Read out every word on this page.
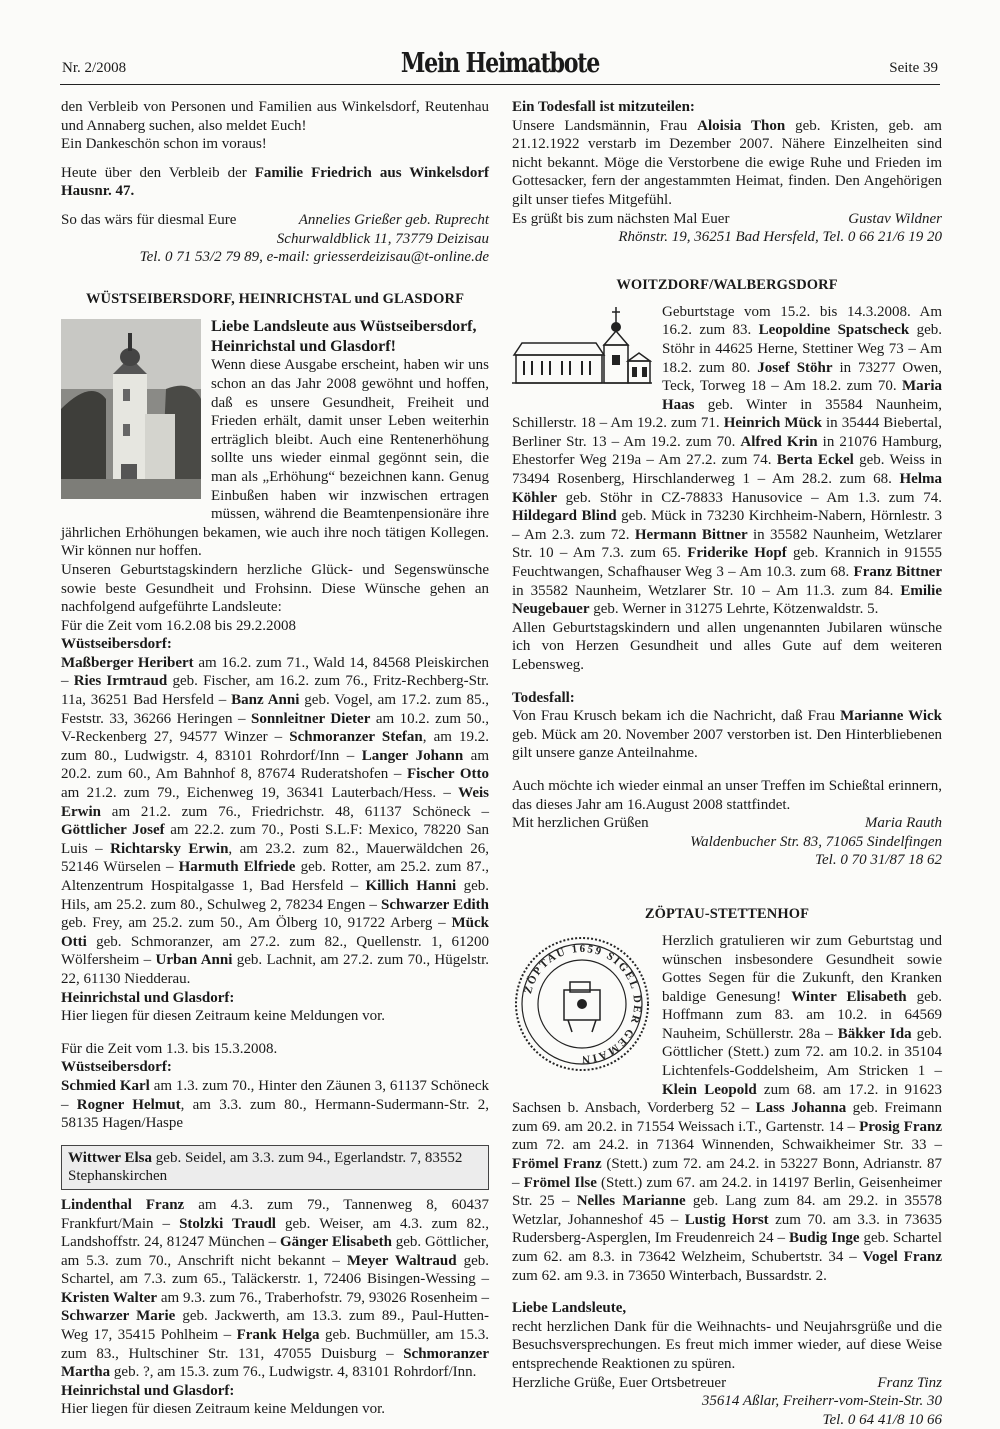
Nr. 2/2008	Mein Heimatbote	Seite 39

den Verbleib von Personen und Familien aus Winkelsdorf, Reutenhau und Annaberg suchen, also meldet Euch!

Ein Dankeschön schon im voraus!

Heute über den Verbleib der Familie Friedrich aus Winkelsdorf Hausnr. 47.

So das wärs für diesmal Eure	Annelies Grießer geb. Ruprecht

Schurwaldblick 11, 73779 Deizisau

Tel. 0 71 53/2 79 89, e-mail: griesserdeizisau@t-online.de

WÜSTSEIBERSDORF, HEINRICHSTAL und GLASDORF

Liebe Landsleute aus Wüstseibersdorf, Heinrichstal und Glasdorf!

Wenn diese Ausgabe erscheint, haben wir uns schon an das Jahr 2008 gewöhnt und hoffen, daß es unsere Gesundheit, Freiheit und Frieden erhält, damit unser Leben weiterhin erträglich bleibt. Auch eine Rentenerhöhung sollte uns wieder einmal gegönnt sein, die man als „Erhöhung“ bezeichnen kann. Genug Einbußen haben wir inzwischen ertragen müssen, während die Beamtenpensionäre ihre jährlichen Erhöhungen bekamen, wie auch ihre noch tätigen Kollegen. Wir können nur hoffen.

Unseren Geburtstagskindern herzliche Glück- und Segenswünsche sowie beste Gesundheit und Frohsinn. Diese Wünsche gehen an nachfolgend aufgeführte Landsleute:

Für die Zeit vom 16.2.08 bis 29.2.2008

Wüstseibersdorf:

Maßberger Heribert am 16.2. zum 71., Wald 14, 84568 Pleiskirchen – Ries Irmtraud geb. Fischer, am 16.2. zum 76., Fritz-Rechberg-Str. 11a, 36251 Bad Hersfeld – Banz Anni geb. Vogel, am 17.2. zum 85., Feststr. 33, 36266 Heringen – Sonnleitner Dieter am 10.2. zum 50., V-Reckenberg 27, 94577 Winzer – Schmoranzer Stefan, am 19.2. zum 80., Ludwigstr. 4, 83101 Rohrdorf/Inn – Langer Johann am 20.2. zum 60., Am Bahnhof 8, 87674 Ruderatshofen – Fischer Otto am 21.2. zum 79., Eichenweg 19, 36341 Lauterbach/Hess. – Weis Erwin am 21.2. zum 76., Friedrichstr. 48, 61137 Schöneck – Göttlicher Josef am 22.2. zum 70., Posti S.L.F: Mexico, 78220 San Luis – Richtarsky Erwin, am 23.2. zum 82., Mauerwäldchen 26, 52146 Würselen – Harmuth Elfriede geb. Rotter, am 25.2. zum 87., Altenzentrum Hospitalgasse 1, Bad Hersfeld – Killich Hanni geb. Hils, am 25.2. zum 80., Schulweg 2, 78234 Engen – Schwarzer Edith geb. Frey, am 25.2. zum 50., Am Ölberg 10, 91722 Arberg – Mück Otti geb. Schmoranzer, am 27.2. zum 82., Quellenstr. 1, 61200 Wölfersheim – Urban Anni geb. Lachnit, am 27.2. zum 70., Hügelstr. 22, 61130 Niedderau.

Heinrichstal und Glasdorf:

Hier liegen für diesen Zeitraum keine Meldungen vor.

Für die Zeit vom 1.3. bis 15.3.2008.

Wüstseibersdorf:

Schmied Karl am 1.3. zum 70., Hinter den Zäunen 3, 61137 Schöneck – Rogner Helmut, am 3.3. zum 80., Hermann-Sudermann-Str. 2, 58135 Hagen/Haspe

Wittwer Elsa geb. Seidel, am 3.3. zum 94., Egerlandstr. 7, 83552 Stephanskirchen

Lindenthal Franz am 4.3. zum 79., Tannenweg 8, 60437 Frankfurt/Main – Stolzki Traudl geb. Weiser, am 4.3. zum 82., Landshoffstr. 24, 81247 München – Gänger Elisabeth geb. Göttlicher, am 5.3. zum 70., Anschrift nicht bekannt – Meyer Waltraud geb. Schartel, am 7.3. zum 65., Taläckerstr. 1, 72406 Bisingen-Wessing – Kristen Walter am 9.3. zum 76., Traberhofstr. 79, 93026 Rosenheim – Schwarzer Marie geb. Jackwerth, am 13.3. zum 89., Paul-Hutten-Weg 17, 35415 Pohlheim – Frank Helga geb. Buchmüller, am 15.3. zum 83., Hultschiner Str. 131, 47055 Duisburg – Schmoranzer Martha geb. ?, am 15.3. zum 76., Ludwigstr. 4, 83101 Rohrdorf/Inn.

Heinrichstal und Glasdorf:

Hier liegen für diesen Zeitraum keine Meldungen vor.

Ein Todesfall ist mitzuteilen:

Unsere Landsmännin, Frau Aloisia Thon geb. Kristen, geb. am 21.12.1922 verstarb im Dezember 2007. Nähere Einzelheiten sind nicht bekannt. Möge die Verstorbene die ewige Ruhe und Frieden im Gottesacker, fern der angestammten Heimat, finden. Den Angehörigen gilt unser tiefes Mitgefühl.

Es grüßt bis zum nächsten Mal Euer	Gustav Wildner

Rhönstr. 19, 36251 Bad Hersfeld, Tel. 0 66 21/6 19 20

WOITZDORF/WALBERGSDORF

Geburtstage vom 15.2. bis 14.3.2008. Am 16.2. zum 83. Leopoldine Spatscheck geb. Stöhr in 44625 Herne, Stettiner Weg 73 – Am 18.2. zum 80. Josef Stöhr in 73277 Owen, Teck, Torweg 18 – Am 18.2. zum 70. Maria Haas geb. Winter in 35584 Naunheim, Schillerstr. 18 – Am 19.2. zum 71. Heinrich Mück in 35444 Biebertal, Berliner Str. 13 – Am 19.2. zum 70. Alfred Krin in 21076 Hamburg, Ehestorfer Weg 219a – Am 27.2. zum 74. Berta Eckel geb. Weiss in 73494 Rosenberg, Hirschlanderweg 1 – Am 28.2. zum 68. Helma Köhler geb. Stöhr in CZ-78833 Hanusovice – Am 1.3. zum 74. Hildegard Blind geb. Mück in 73230 Kirchheim-Nabern, Hörnlestr. 3 – Am 2.3. zum 72. Hermann Bittner in 35582 Naunheim, Wetzlarer Str. 10 – Am 7.3. zum 65. Friderike Hopf geb. Krannich in 91555 Feuchtwangen, Schafhauser Weg 3 – Am 10.3. zum 68. Franz Bittner in 35582 Naunheim, Wetzlarer Str. 10 – Am 11.3. zum 84. Emilie Neugebauer geb. Werner in 31275 Lehrte, Kötzenwaldstr. 5.

Allen Geburtstagskindern und allen ungenannten Jubilaren wünsche ich von Herzen Gesundheit und alles Gute auf dem weiteren Lebensweg.

Todesfall:

Von Frau Krusch bekam ich die Nachricht, daß Frau Marianne Wick geb. Mück am 20. November 2007 verstorben ist. Den Hinterbliebenen gilt unsere ganze Anteilnahme.

Auch möchte ich wieder einmal an unser Treffen im Schießtal erinnern, das dieses Jahr am 16.August 2008 stattfindet.

Mit herzlichen Grüßen	Maria Rauth

Waldenbucher Str. 83, 71065 Sindelfingen

Tel. 0 70 31/87 18 62

ZÖPTAU-STETTENHOF
ZÖPTAU 1659 SIGEL DER GEMAIN

Herzlich gratulieren wir zum Geburtstag und wünschen insbesondere Gesundheit sowie Gottes Segen für die Zukunft, den Kranken baldige Genesung! Winter Elisabeth geb. Hoffmann zum 83. am 10.2. in 64569 Nauheim, Schüllerstr. 28a – Bäkker Ida geb. Göttlicher (Stett.) zum 72. am 10.2. in 35104 Lichtenfels-Goddelsheim, Am Stricken 1 – Klein Leopold zum 68. am 17.2. in 91623 Sachsen b. Ansbach, Vorderberg 52 – Lass Johanna geb. Freimann zum 69. am 20.2. in 71554 Weissach i.T., Gartenstr. 14 – Prosig Franz zum 72. am 24.2. in 71364 Winnenden, Schwaikheimer Str. 33 – Frömel Franz (Stett.) zum 72. am 24.2. in 53227 Bonn, Adrianstr. 87 – Frömel Ilse (Stett.) zum 67. am 24.2. in 14197 Berlin, Geisenheimer Str. 25 – Nelles Marianne geb. Lang zum 84. am 29.2. in 35578 Wetzlar, Johanneshof 45 – Lustig Horst zum 70. am 3.3. in 73635 Rudersberg-Asperglen, Im Freudenreich 24 – Budig Inge geb. Schartel zum 62. am 8.3. in 73642 Welzheim, Schubertstr. 34 – Vogel Franz zum 62. am 9.3. in 73650 Winterbach, Bussardstr. 2.

Liebe Landsleute,

recht herzlichen Dank für die Weihnachts- und Neujahrsgrüße und die Besuchsversprechungen. Es freut mich immer wieder, auf diese Weise entsprechende Reaktionen zu spüren.

Herzliche Grüße, Euer Ortsbetreuer	Franz Tinz

35614 Aßlar, Freiherr-vom-Stein-Str. 30

Tel. 0 64 41/8 10 66
